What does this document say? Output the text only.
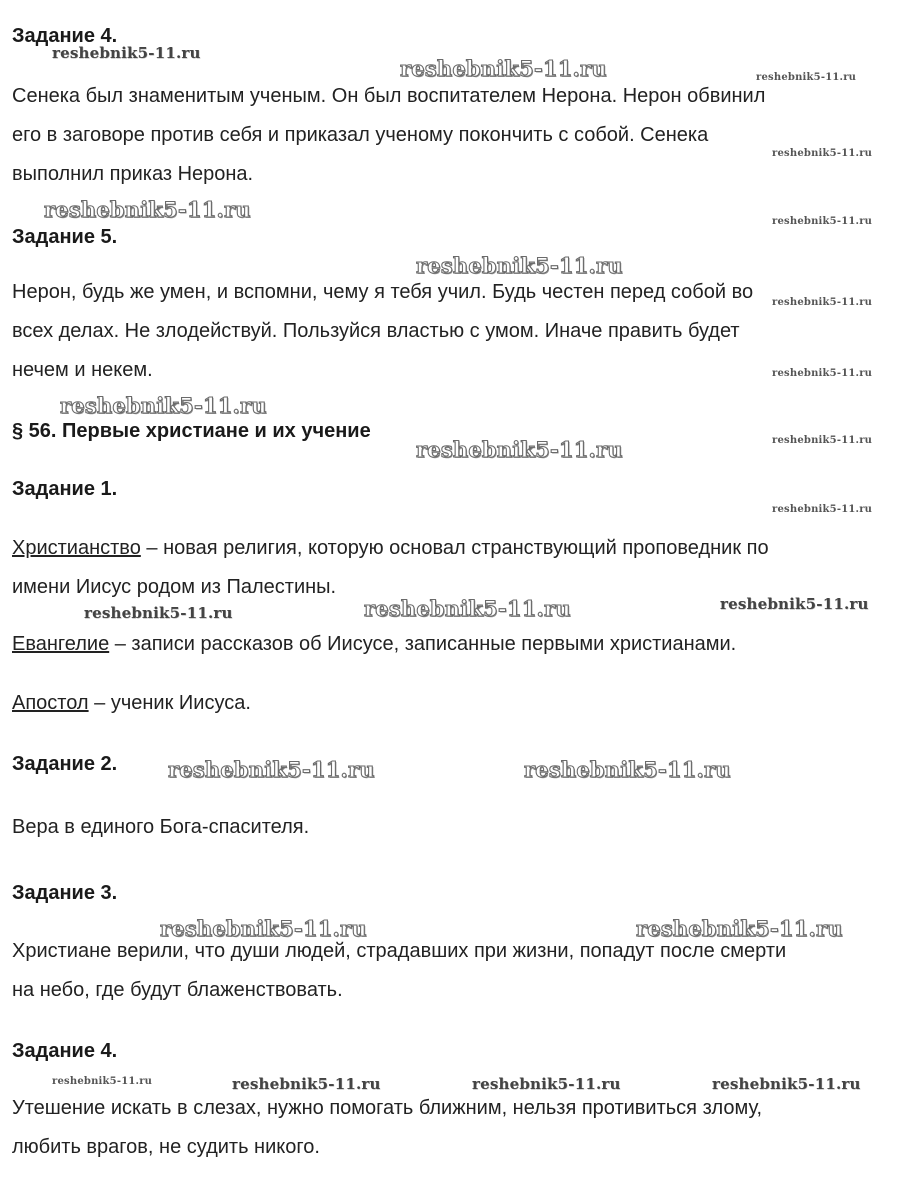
Задание 4.
Сенека был знаменитым ученым. Он был воспитателем Нерона. Нерон обвинил
его в заговоре против себя и приказал ученому покончить с собой. Сенека
выполнил приказ Нерона.
Задание 5.
Нерон, будь же умен, и вспомни, чему я тебя учил. Будь честен перед собой во
всех делах. Не злодействуй. Пользуйся властью с умом. Иначе править будет
нечем и некем.
§ 56. Первые христиане и их учение
Задание 1.
Христианство – новая религия, которую основал странствующий проповедник по
имени Иисус родом из Палестины.
Евангелие – записи рассказов об Иисусе, записанные первыми христианами.
Апостол – ученик Иисуса.
Задание 2.
Вера в единого Бога-спасителя.
Задание 3.
Христиане верили, что души людей, страдавших при жизни, попадут после смерти
на небо, где будут блаженствовать.
Задание 4.
Утешение искать в слезах, нужно помогать ближним, нельзя противиться злому,
любить врагов, не судить никого.
reshebnik5-11.ru
reshebnik5-11.ru	reshebnik5-11.ru
reshebnik5-11.ru
reshebnik5-11.ru	reshebnik5-11.ru
reshebnik5-11.ru
reshebnik5-11.ru
reshebnik5-11.ru
reshebnik5-11.ru
reshebnik5-11.ru	reshebnik5-11.ru
reshebnik5-11.ru
reshebnik5-11.ru	reshebnik5-11.ru	reshebnik5-11.ru
reshebnik5-11.ru	reshebnik5-11.ru
reshebnik5-11.ru	reshebnik5-11.ru
reshebnik5-11.ru	reshebnik5-11.ru	reshebnik5-11.ru	reshebnik5-11.ru
